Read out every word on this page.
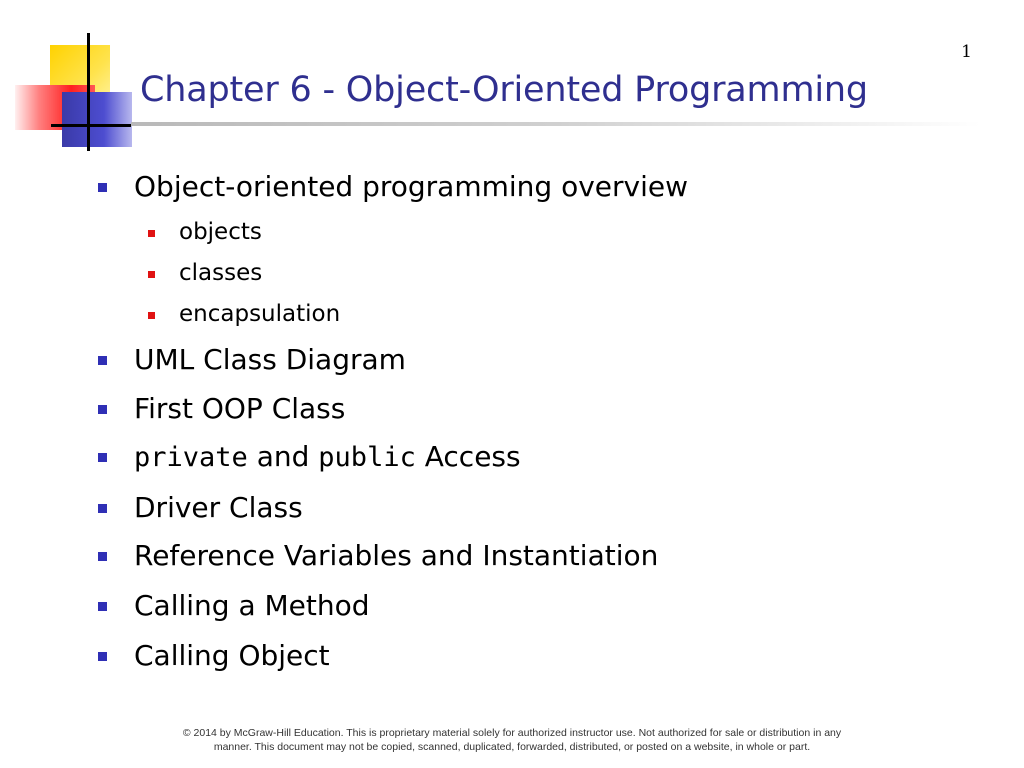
1
Chapter 6 - Object-Oriented Programming
Object-oriented programming overview
objects
classes
encapsulation
UML Class Diagram
First OOP Class
private and public Access
Driver Class
Reference Variables and Instantiation
Calling a Method
Calling Object
© 2014 by McGraw-Hill Education. This is proprietary material solely for authorized instructor use. Not authorized for sale or distribution in any
manner. This document may not be copied, scanned, duplicated, forwarded, distributed, or posted on a website, in whole or part.
